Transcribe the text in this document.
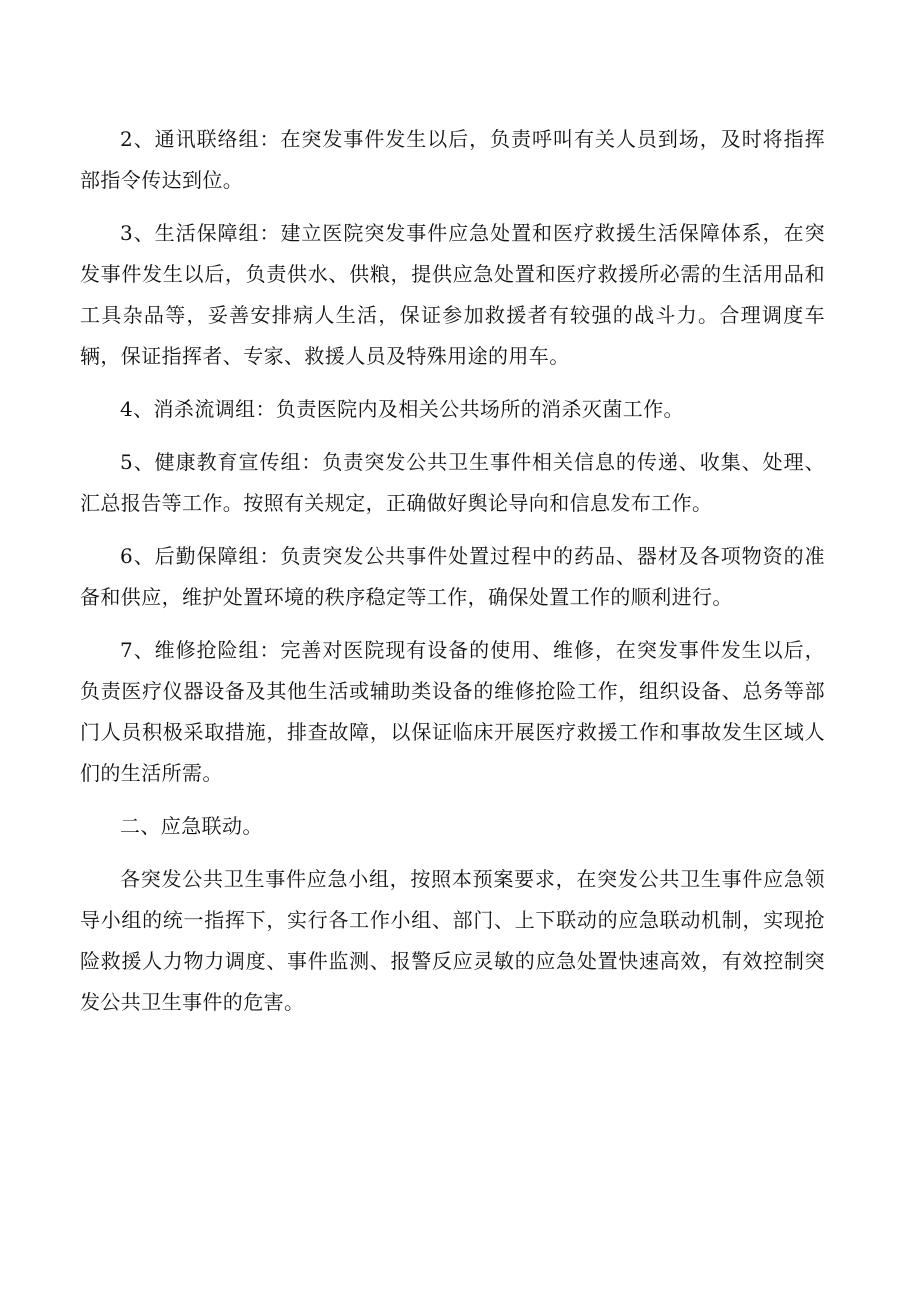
2、通讯联络组：在突发事件发生以后，负责呼叫有关人员到场，及时将指挥部指令传达到位。

3、生活保障组：建立医院突发事件应急处置和医疗救援生活保障体系，在突发事件发生以后，负责供水、供粮，提供应急处置和医疗救援所必需的生活用品和工具杂品等，妥善安排病人生活，保证参加救援者有较强的战斗力。合理调度车辆，保证指挥者、专家、救援人员及特殊用途的用车。

4、消杀流调组：负责医院内及相关公共场所的消杀灭菌工作。

5、健康教育宣传组：负责突发公共卫生事件相关信息的传递、收集、处理、汇总报告等工作。按照有关规定，正确做好舆论导向和信息发布工作。

6、后勤保障组：负责突发公共事件处置过程中的药品、器材及各项物资的准备和供应，维护处置环境的秩序稳定等工作，确保处置工作的顺利进行。

7、维修抢险组：完善对医院现有设备的使用、维修，在突发事件发生以后，负责医疗仪器设备及其他生活或辅助类设备的维修抢险工作，组织设备、总务等部门人员积极采取措施，排查故障，以保证临床开展医疗救援工作和事故发生区域人们的生活所需。

二、应急联动。

各突发公共卫生事件应急小组，按照本预案要求，在突发公共卫生事件应急领导小组的统一指挥下，实行各工作小组、部门、上下联动的应急联动机制，实现抢险救援人力物力调度、事件监测、报警反应灵敏的应急处置快速高效，有效控制突发公共卫生事件的危害。
